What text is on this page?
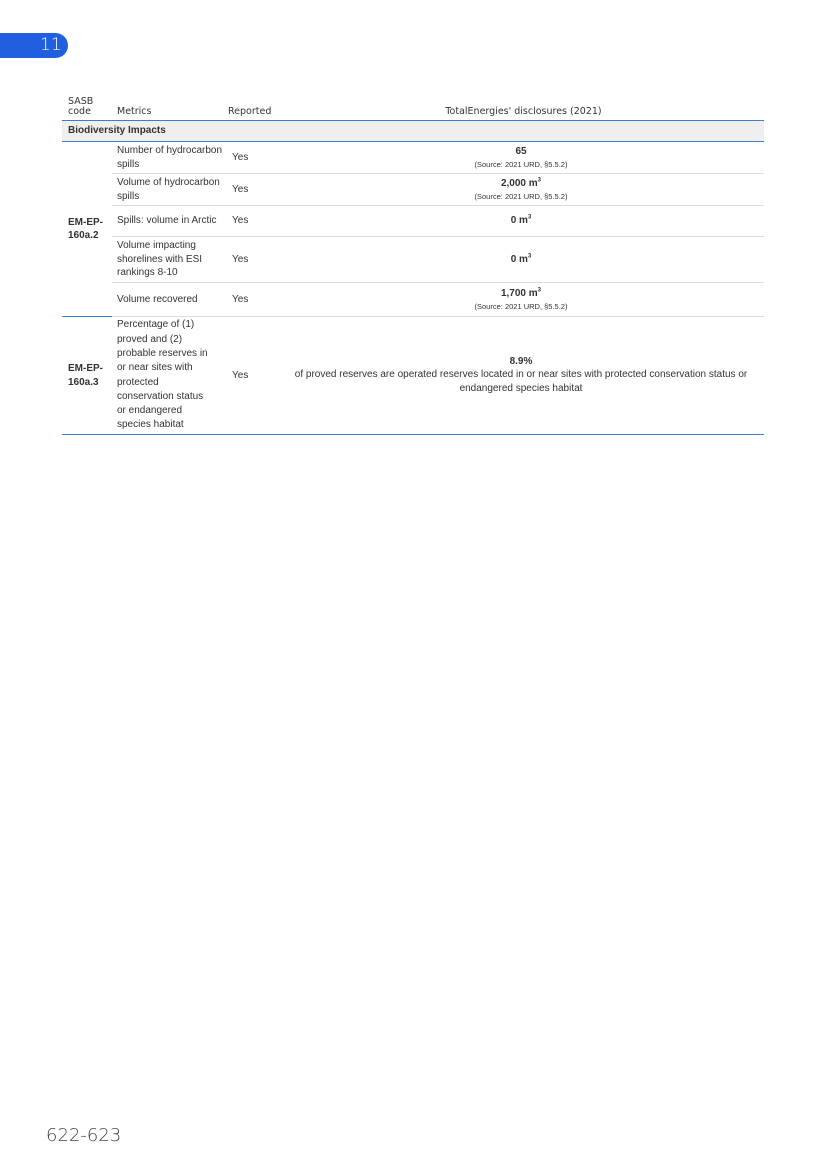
11
SASB code	Metrics	Reported	TotalEnergies' disclosures (2021)
Biodiversity Impacts			
EM-EP-160a.2	Number of hydrocarbon spills	Yes	65
(Source: 2021 URD, §5.5.2)

	Volume of hydrocarbon spills	Yes	2,000 $m^3$
(Source: 2021 URD, §5.5.2)

	Spills: volume in Arctic	Yes	0 $m^3$

	Volume impacting shorelines with ESI rankings 8-10	Yes	0 $m^3$

	Volume recovered	Yes	1,700 $m^3$
(Source: 2021 URD, §5.5.2)

EM-EP-160a.3	Percentage of (1) proved and (2) probable reserves in or near sites with protected conservation status or endangered species habitat	Yes	8.9%
of proved reserves are operated reserves located in or near sites with protected conservation status or endangered species habitat
622-623
